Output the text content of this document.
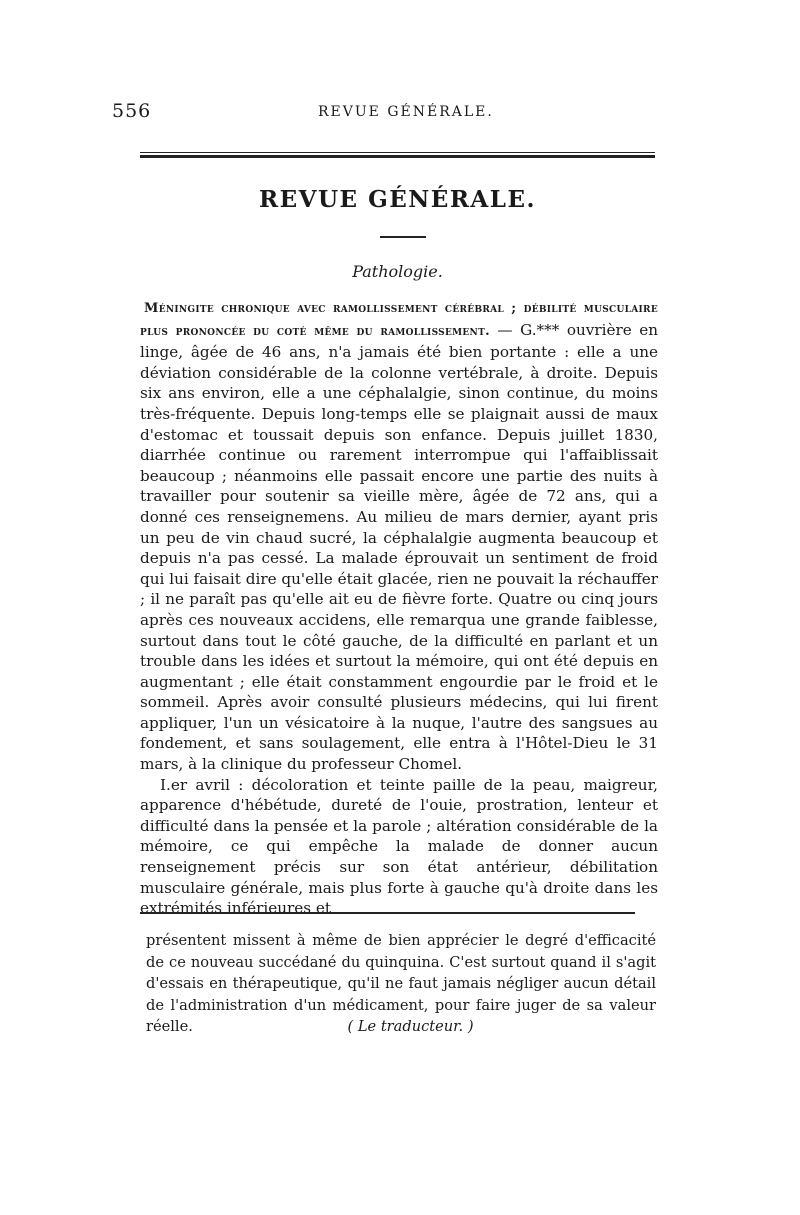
556	REVUE GÉNÉRALE.
REVUE GÉNÉRALE.
Pathologie.

Méningite chronique avec ramollissement cérébral ; débilité musculaire plus prononcée du coté même du ramollissement. — G.*** ouvrière en linge, âgée de 46 ans, n'a jamais été bien portante : elle a une déviation considérable de la colonne vertébrale, à droite. Depuis six ans environ, elle a une céphalalgie, sinon continue, du moins très-fréquente. Depuis long-temps elle se plaignait aussi de maux d'estomac et toussait depuis son enfance. Depuis juillet 1830, diarrhée continue ou rarement interrompue qui l'affaiblissait beaucoup ; néanmoins elle passait encore une partie des nuits à travailler pour soutenir sa vieille mère, âgée de 72 ans, qui a donné ces renseignemens. Au milieu de mars dernier, ayant pris un peu de vin chaud sucré, la céphalalgie augmenta beaucoup et depuis n'a pas cessé. La malade éprouvait un sentiment de froid qui lui faisait dire qu'elle était glacée, rien ne pouvait la réchauffer ; il ne paraît pas qu'elle ait eu de fièvre forte. Quatre ou cinq jours après ces nouveaux accidens, elle remarqua une grande faiblesse, surtout dans tout le côté gauche, de la difficulté en parlant et un trouble dans les idées et surtout la mémoire, qui ont été depuis en augmentant ; elle était constamment engourdie par le froid et le sommeil. Après avoir consulté plusieurs médecins, qui lui firent appliquer, l'un un vésicatoire à la nuque, l'autre des sangsues au fondement, et sans soulagement, elle entra à l'Hôtel-Dieu le 31 mars, à la clinique du professeur Chomel.

I.er avril : décoloration et teinte paille de la peau, maigreur, apparence d'hébétude, dureté de l'ouie, prostration, lenteur et difficulté dans la pensée et la parole ; altération considérable de la mémoire, ce qui empêche la malade de donner aucun renseignement précis sur son état antérieur, débilitation musculaire générale, mais plus forte à gauche qu'à droite dans les extrémités inférieures et

présentent missent à même de bien apprécier le degré d'efficacité de ce nouveau succédané du quinquina. C'est surtout quand il s'agit d'essais en thérapeutique, qu'il ne faut jamais négliger aucun détail de l'administration d'un médicament, pour faire juger de sa valeur réelle.	( Le traducteur. )
